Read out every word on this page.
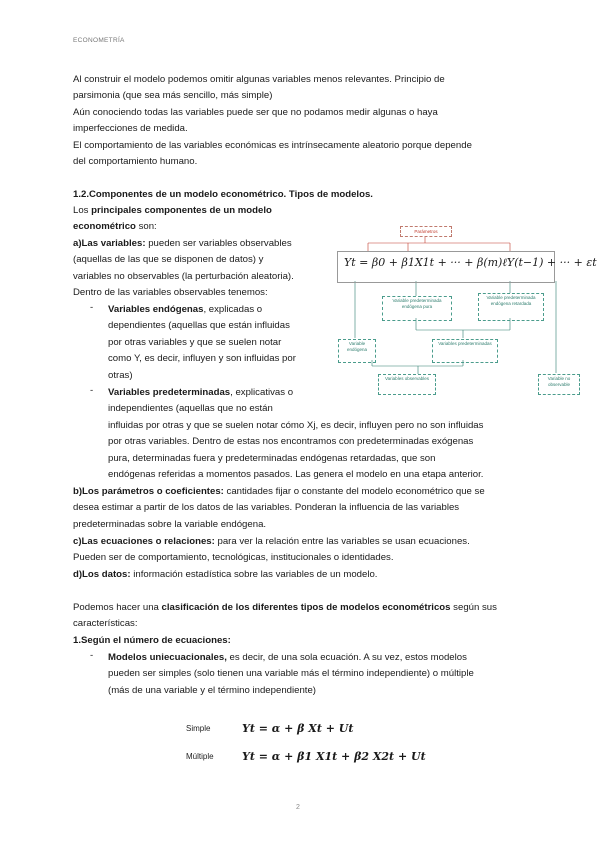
ECONOMETRÍA
Al construir el modelo podemos omitir algunas variables menos relevantes. Principio de
parsimonia (que sea más sencillo, más simple)
Aún conociendo todas las variables puede ser que no podamos medir algunas o haya
imperfecciones de medida.
El comportamiento de las variables económicas es intrínsecamente aleatorio porque depende
del comportamiento humano.
1.2.Componentes de un modelo econométrico. Tipos de modelos.
Los principales componentes de un modelo
econométrico son:
a)Las variables: pueden ser variables observables
(aquellas de las que se disponen de datos) y
variables no observables (la perturbación aleatoria).
Dentro de las variables observables tenemos:
- Variables endógenas, explicadas o
dependientes (aquellas que están influidas
por otras variables y que se suelen notar
como Y, es decir, influyen y son influidas por
otras)
- Variables predeterminadas, explicativas o
independientes (aquellas que no están
influidas por otras y que se suelen notar cómo Xj, es decir, influyen pero no son influidas
por otras variables. Dentro de estas nos encontramos con predeterminadas exógenas
pura, determinadas fuera y predeterminadas endógenas retardadas, que son
endógenas referidas a momentos pasados. Las genera el modelo en una etapa anterior.
b)Los parámetros o coeficientes: cantidades fijar o constante del modelo econométrico que se
desea estimar a partir de los datos de las variables. Ponderan la influencia de las variables
predeterminadas sobre la variable endógena.
c)Las ecuaciones o relaciones: para ver la relación entre las variables se usan ecuaciones.
Pueden ser de comportamiento, tecnológicas, institucionales o identidades.
d)Los datos: información estadística sobre las variables de un modelo.
Podemos hacer una clasificación de los diferentes tipos de modelos econométricos según sus
características:
1.Según el número de ecuaciones:
- Modelos uniecuacionales, es decir, de una sola ecuación. A su vez, estos modelos
pueden ser simples (solo tienen una variable más el término independiente) o múltiple
(más de una variable y el término independiente)
Simple	Yt = α + β Xt + Ut
Múltiple	Yt = α + β1 X1t + β2 X2t + Ut
Parámetros
Yt = β0 + β1X1t + ··· + β(m)ℓY(t−1) + ··· + εt
Variable predeterminada endógena pura
Variable predeterminada endógena retardada
Variable endógena
Variables predeterminadas
Variables observables	Variable no observable
2
